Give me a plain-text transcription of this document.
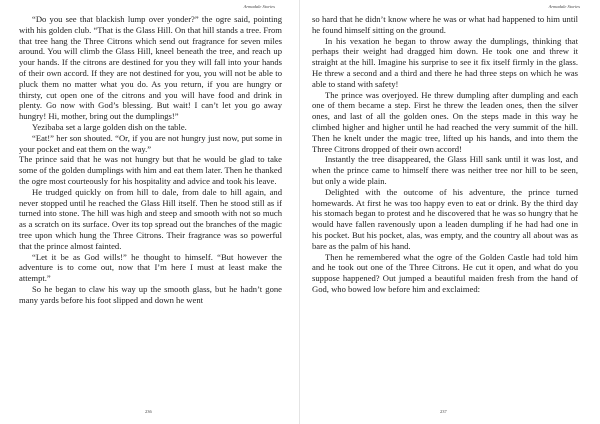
Armadale Stories

“Do you see that blackish lump over yonder?” the ogre said, pointing with his golden club. “That is the Glass Hill. On that hill stands a tree. From that tree hang the Three Citrons which send out fragrance for seven miles around. You will climb the Glass Hill, kneel beneath the tree, and reach up your hands. If the citrons are destined for you they will fall into your hands of their own accord. If they are not destined for you, you will not be able to pluck them no matter what you do. As you return, if you are hungry or thirsty, cut open one of the citrons and you will have food and drink in plenty. Go now with God’s blessing. But wait! I can’t let you go away hungry! Hi, mother, bring out the dumplings!”

Yezibaba set a large golden dish on the table.

“Eat!” her son shouted. “Or, if you are not hungry just now, put some in your pocket and eat them on the way.”

The prince said that he was not hungry but that he would be glad to take some of the golden dumplings with him and eat them later. Then he thanked the ogre most courteously for his hospitality and advice and took his leave.

He trudged quickly on from hill to dale, from dale to hill again, and never stopped until he reached the Glass Hill itself. Then he stood still as if turned into stone. The hill was high and steep and smooth with not so much as a scratch on its surface. Over its top spread out the branches of the magic tree upon which hung the Three Citrons. Their fragrance was so powerful that the prince almost fainted.

“Let it be as God wills!” he thought to himself. “But however the adventure is to come out, now that I’m here I must at least make the attempt.”

So he began to claw his way up the smooth glass, but he hadn’t gone many yards before his foot slipped and down he went

236
Armadale Stories

so hard that he didn’t know where he was or what had happened to him until he found himself sitting on the ground.

In his vexation he began to throw away the dumplings, thinking that perhaps their weight had dragged him down. He took one and threw it straight at the hill. Imagine his surprise to see it fix itself firmly in the glass. He threw a second and a third and there he had three steps on which he was able to stand with safety!

The prince was overjoyed. He threw dumpling after dumpling and each one of them became a step. First he threw the leaden ones, then the silver ones, and last of all the golden ones. On the steps made in this way he climbed higher and higher until he had reached the very summit of the hill. Then he knelt under the magic tree, lifted up his hands, and into them the Three Citrons dropped of their own accord!

Instantly the tree disappeared, the Glass Hill sank until it was lost, and when the prince came to himself there was neither tree nor hill to be seen, but only a wide plain.

Delighted with the outcome of his adventure, the prince turned homewards. At first he was too happy even to eat or drink. By the third day his stomach began to protest and he discovered that he was so hungry that he would have fallen ravenously upon a leaden dumpling if he had had one in his pocket. But his pocket, alas, was empty, and the country all about was as bare as the palm of his hand.

Then he remembered what the ogre of the Golden Castle had told him and he took out one of the Three Citrons. He cut it open, and what do you suppose happened? Out jumped a beautiful maiden fresh from the hand of God, who bowed low before him and exclaimed:

237
